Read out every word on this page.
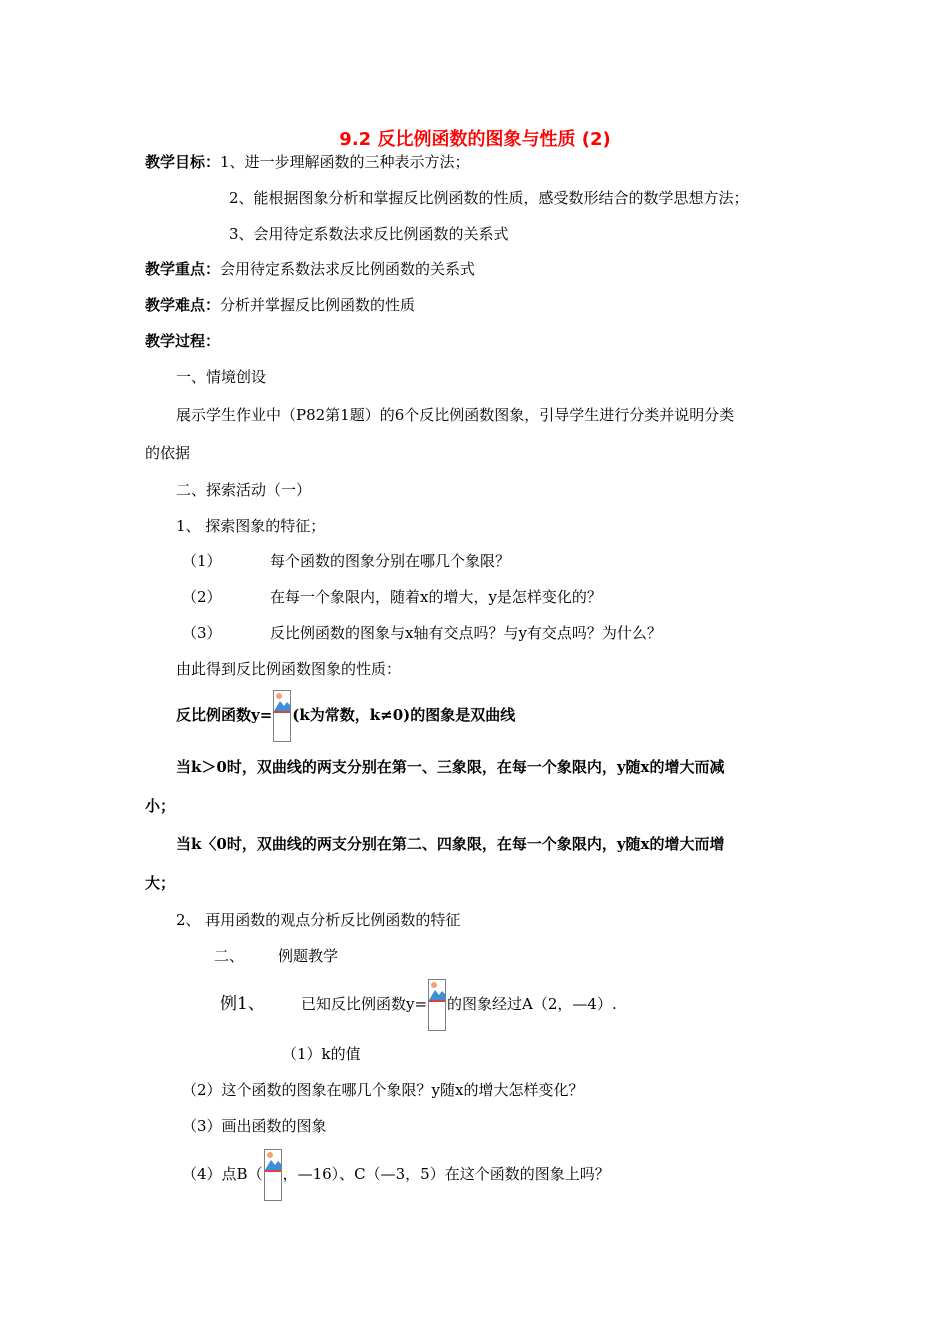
9.2 反比例函数的图象与性质 (2)
教学目标：1、进一步理解函数的三种表示方法；
2、能根据图象分析和掌握反比例函数的性质，感受数形结合的数学思想方法；
3、会用待定系数法求反比例函数的关系式
教学重点：会用待定系数法求反比例函数的关系式
教学难点：分析并掌握反比例函数的性质
教学过程：
一、情境创设
展示学生作业中（P82第1题）的6个反比例函数图象，引导学生进行分类并说明分类
的依据
二、探索活动（一）
1、 探索图象的特征；
（1）	每个函数的图象分别在哪几个象限？
（2）	在每一个象限内，随着x的增大，y是怎样变化的？
（3）	反比例函数的图象与x轴有交点吗？与y有交点吗？为什么？
由此得到反比例函数图象的性质：
反比例函数y= (k为常数，k≠0)的图象是双曲线
当k＞0时，双曲线的两支分别在第一、三象限，在每一个象限内，y随x的增大而减
小；
当k〈0时，双曲线的两支分别在第二、四象限，在每一个象限内，y随x的增大而增
大；
2、 再用函数的观点分析反比例函数的特征
二、 例题教学
例1、 已知反比例函数y= 的图象经过A（2，—4）.
（1）k的值
（2）这个函数的图象在哪几个象限？y随x的增大怎样变化？
（3）画出函数的图象
（4）点B（ ，—16）、C（—3，5）在这个函数的图象上吗？
